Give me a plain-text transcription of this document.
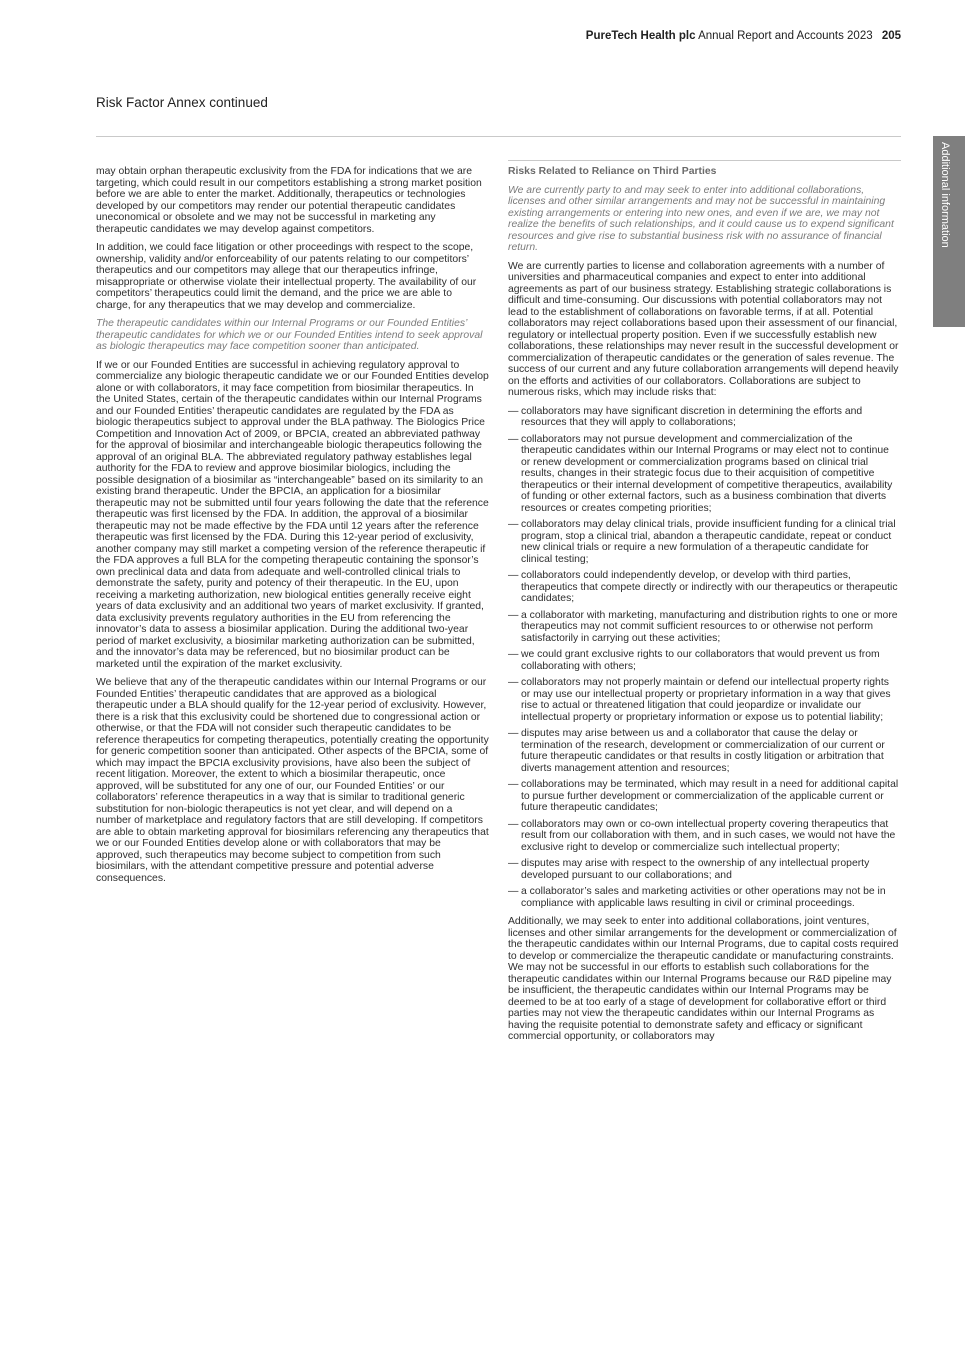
PureTech Health plc Annual Report and Accounts 2023 205
Risk Factor Annex continued
Additional information

may obtain orphan therapeutic exclusivity from the FDA for indications that we are targeting, which could result in our competitors establishing a strong market position before we are able to enter the market. Additionally, therapeutics or technologies developed by our competitors may render our potential therapeutic candidates uneconomical or obsolete and we may not be successful in marketing any therapeutic candidates we may develop against competitors.

In addition, we could face litigation or other proceedings with respect to the scope, ownership, validity and/or enforceability of our patents relating to our competitors’ therapeutics and our competitors may allege that our therapeutics infringe, misappropriate or otherwise violate their intellectual property. The availability of our competitors’ therapeutics could limit the demand, and the price we are able to charge, for any therapeutics that we may develop and commercialize.

The therapeutic candidates within our Internal Programs or our Founded Entities’ therapeutic candidates for which we or our Founded Entities intend to seek approval as biologic therapeutics may face competition sooner than anticipated.

If we or our Founded Entities are successful in achieving regulatory approval to commercialize any biologic therapeutic candidate we or our Founded Entities develop alone or with collaborators, it may face competition from biosimilar therapeutics. In the United States, certain of the therapeutic candidates within our Internal Programs and our Founded Entities’ therapeutic candidates are regulated by the FDA as biologic therapeutics subject to approval under the BLA pathway. The Biologics Price Competition and Innovation Act of 2009, or BPCIA, created an abbreviated pathway for the approval of biosimilar and interchangeable biologic therapeutics following the approval of an original BLA. The abbreviated regulatory pathway establishes legal authority for the FDA to review and approve biosimilar biologics, including the possible designation of a biosimilar as “interchangeable” based on its similarity to an existing brand therapeutic. Under the BPCIA, an application for a biosimilar therapeutic may not be submitted until four years following the date that the reference therapeutic was first licensed by the FDA. In addition, the approval of a biosimilar therapeutic may not be made effective by the FDA until 12 years after the reference therapeutic was first licensed by the FDA. During this 12-year period of exclusivity, another company may still market a competing version of the reference therapeutic if the FDA approves a full BLA for the competing therapeutic containing the sponsor’s own preclinical data and data from adequate and well-controlled clinical trials to demonstrate the safety, purity and potency of their therapeutic. In the EU, upon receiving a marketing authorization, new biological entities generally receive eight years of data exclusivity and an additional two years of market exclusivity. If granted, data exclusivity prevents regulatory authorities in the EU from referencing the innovator’s data to assess a biosimilar application. During the additional two-year period of market exclusivity, a biosimilar marketing authorization can be submitted, and the innovator’s data may be referenced, but no biosimilar product can be marketed until the expiration of the market exclusivity.

We believe that any of the therapeutic candidates within our Internal Programs or our Founded Entities’ therapeutic candidates that are approved as a biological therapeutic under a BLA should qualify for the 12-year period of exclusivity. However, there is a risk that this exclusivity could be shortened due to congressional action or otherwise, or that the FDA will not consider such therapeutic candidates to be reference therapeutics for competing therapeutics, potentially creating the opportunity for generic competition sooner than anticipated. Other aspects of the BPCIA, some of which may impact the BPCIA exclusivity provisions, have also been the subject of recent litigation. Moreover, the extent to which a biosimilar therapeutic, once approved, will be substituted for any one of our, our Founded Entities’ or our collaborators’ reference therapeutics in a way that is similar to traditional generic substitution for non-biologic therapeutics is not yet clear, and will depend on a number of marketplace and regulatory factors that are still developing. If competitors are able to obtain marketing approval for biosimilars referencing any therapeutics that we or our Founded Entities develop alone or with collaborators that may be approved, such therapeutics may become subject to competition from such biosimilars, with the attendant competitive pressure and potential adverse consequences.

Risks Related to Reliance on Third Parties

We are currently party to and may seek to enter into additional collaborations, licenses and other similar arrangements and may not be successful in maintaining existing arrangements or entering into new ones, and even if we are, we may not realize the benefits of such relationships, and it could cause us to expend significant resources and give rise to substantial business risk with no assurance of financial return.

We are currently parties to license and collaboration agreements with a number of universities and pharmaceutical companies and expect to enter into additional agreements as part of our business strategy. Establishing strategic collaborations is difficult and time-consuming. Our discussions with potential collaborators may not lead to the establishment of collaborations on favorable terms, if at all. Potential collaborators may reject collaborations based upon their assessment of our financial, regulatory or intellectual property position. Even if we successfully establish new collaborations, these relationships may never result in the successful development or commercialization of therapeutic candidates or the generation of sales revenue. The success of our current and any future collaboration arrangements will depend heavily on the efforts and activities of our collaborators. Collaborations are subject to numerous risks, which may include risks that:

— collaborators may have significant discretion in determining the efforts and resources that they will apply to collaborations;
— collaborators may not pursue development and commercialization of the therapeutic candidates within our Internal Programs or may elect not to continue or renew development or commercialization programs based on clinical trial results, changes in their strategic focus due to their acquisition of competitive therapeutics or their internal development of competitive therapeutics, availability of funding or other external factors, such as a business combination that diverts resources or creates competing priorities;
— collaborators may delay clinical trials, provide insufficient funding for a clinical trial program, stop a clinical trial, abandon a therapeutic candidate, repeat or conduct new clinical trials or require a new formulation of a therapeutic candidate for clinical testing;
— collaborators could independently develop, or develop with third parties, therapeutics that compete directly or indirectly with our therapeutics or therapeutic candidates;
— a collaborator with marketing, manufacturing and distribution rights to one or more therapeutics may not commit sufficient resources to or otherwise not perform satisfactorily in carrying out these activities;
— we could grant exclusive rights to our collaborators that would prevent us from collaborating with others;
— collaborators may not properly maintain or defend our intellectual property rights or may use our intellectual property or proprietary information in a way that gives rise to actual or threatened litigation that could jeopardize or invalidate our intellectual property or proprietary information or expose us to potential liability;
— disputes may arise between us and a collaborator that cause the delay or termination of the research, development or commercialization of our current or future therapeutic candidates or that results in costly litigation or arbitration that diverts management attention and resources;
— collaborations may be terminated, which may result in a need for additional capital to pursue further development or commercialization of the applicable current or future therapeutic candidates;
— collaborators may own or co-own intellectual property covering therapeutics that result from our collaboration with them, and in such cases, we would not have the exclusive right to develop or commercialize such intellectual property;
— disputes may arise with respect to the ownership of any intellectual property developed pursuant to our collaborations; and
— a collaborator’s sales and marketing activities or other operations may not be in compliance with applicable laws resulting in civil or criminal proceedings.

Additionally, we may seek to enter into additional collaborations, joint ventures, licenses and other similar arrangements for the development or commercialization of the therapeutic candidates within our Internal Programs, due to capital costs required to develop or commercialize the therapeutic candidate or manufacturing constraints. We may not be successful in our efforts to establish such collaborations for the therapeutic candidates within our Internal Programs because our R&D pipeline may be insufficient, the therapeutic candidates within our Internal Programs may be deemed to be at too early of a stage of development for collaborative effort or third parties may not view the therapeutic candidates within our Internal Programs as having the requisite potential to demonstrate safety and efficacy or significant commercial opportunity, or collaborators may
